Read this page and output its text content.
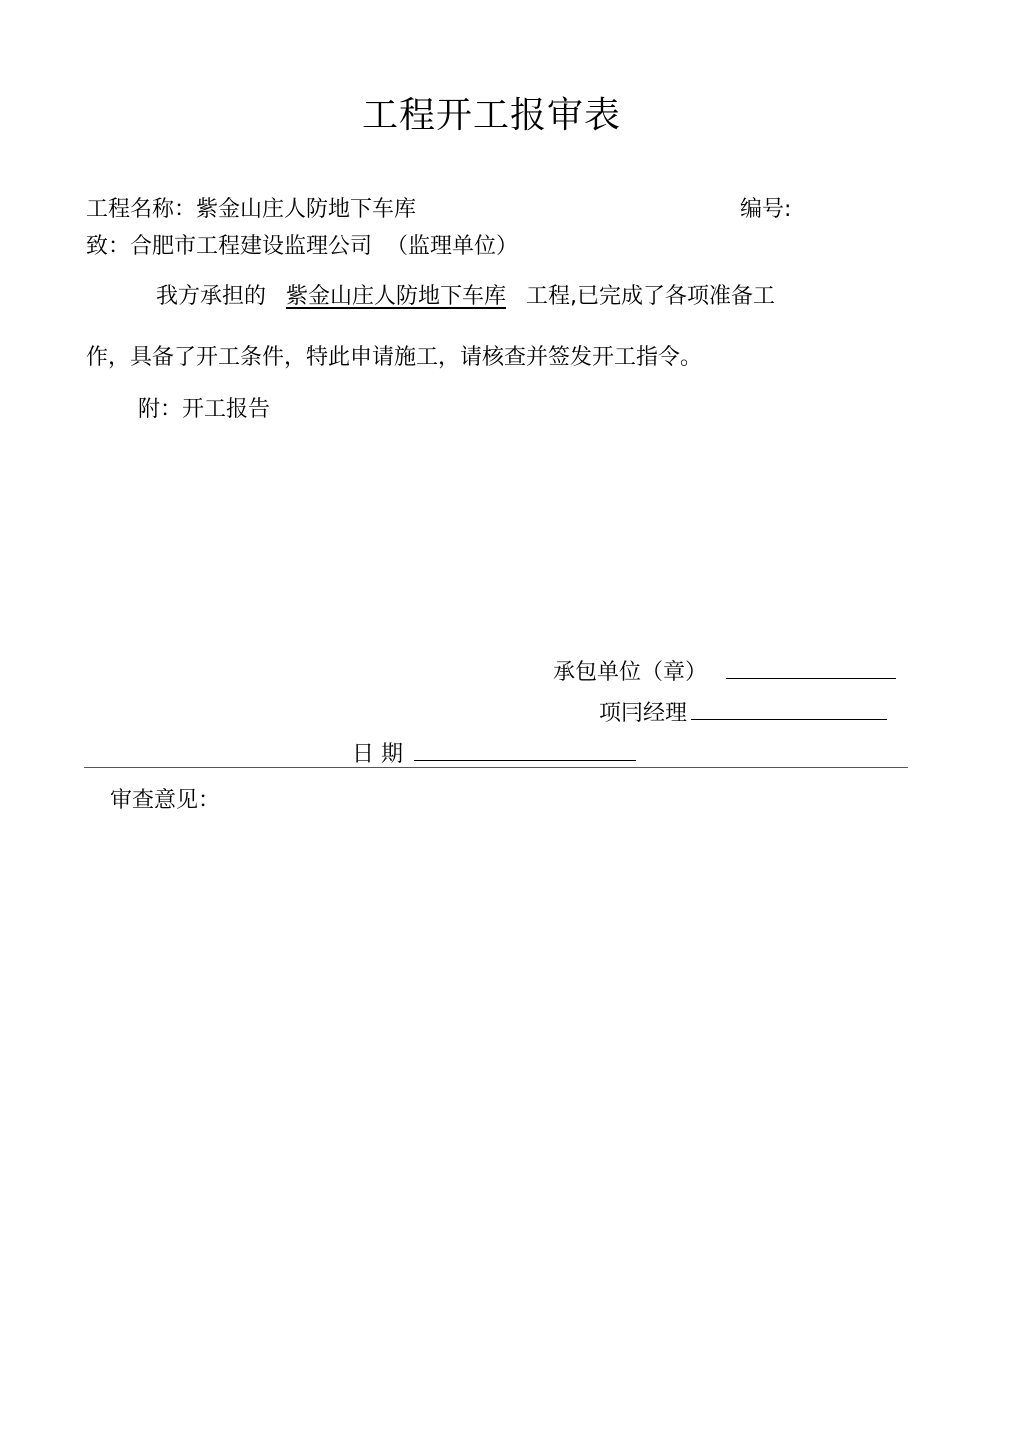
工程开工报审表
工程名称：紫金山庄人防地下车库	编号:
致：合肥市工程建设监理公司 （监理单位）
我方承担的 紫金山庄人防地下车库 工程,已完成了各项准备工
作，具备了开工条件，特此申请施工，请核查并签发开工指令。
附：开工报告
承包单位（章）
项冃经理
日 期
审查意见：
